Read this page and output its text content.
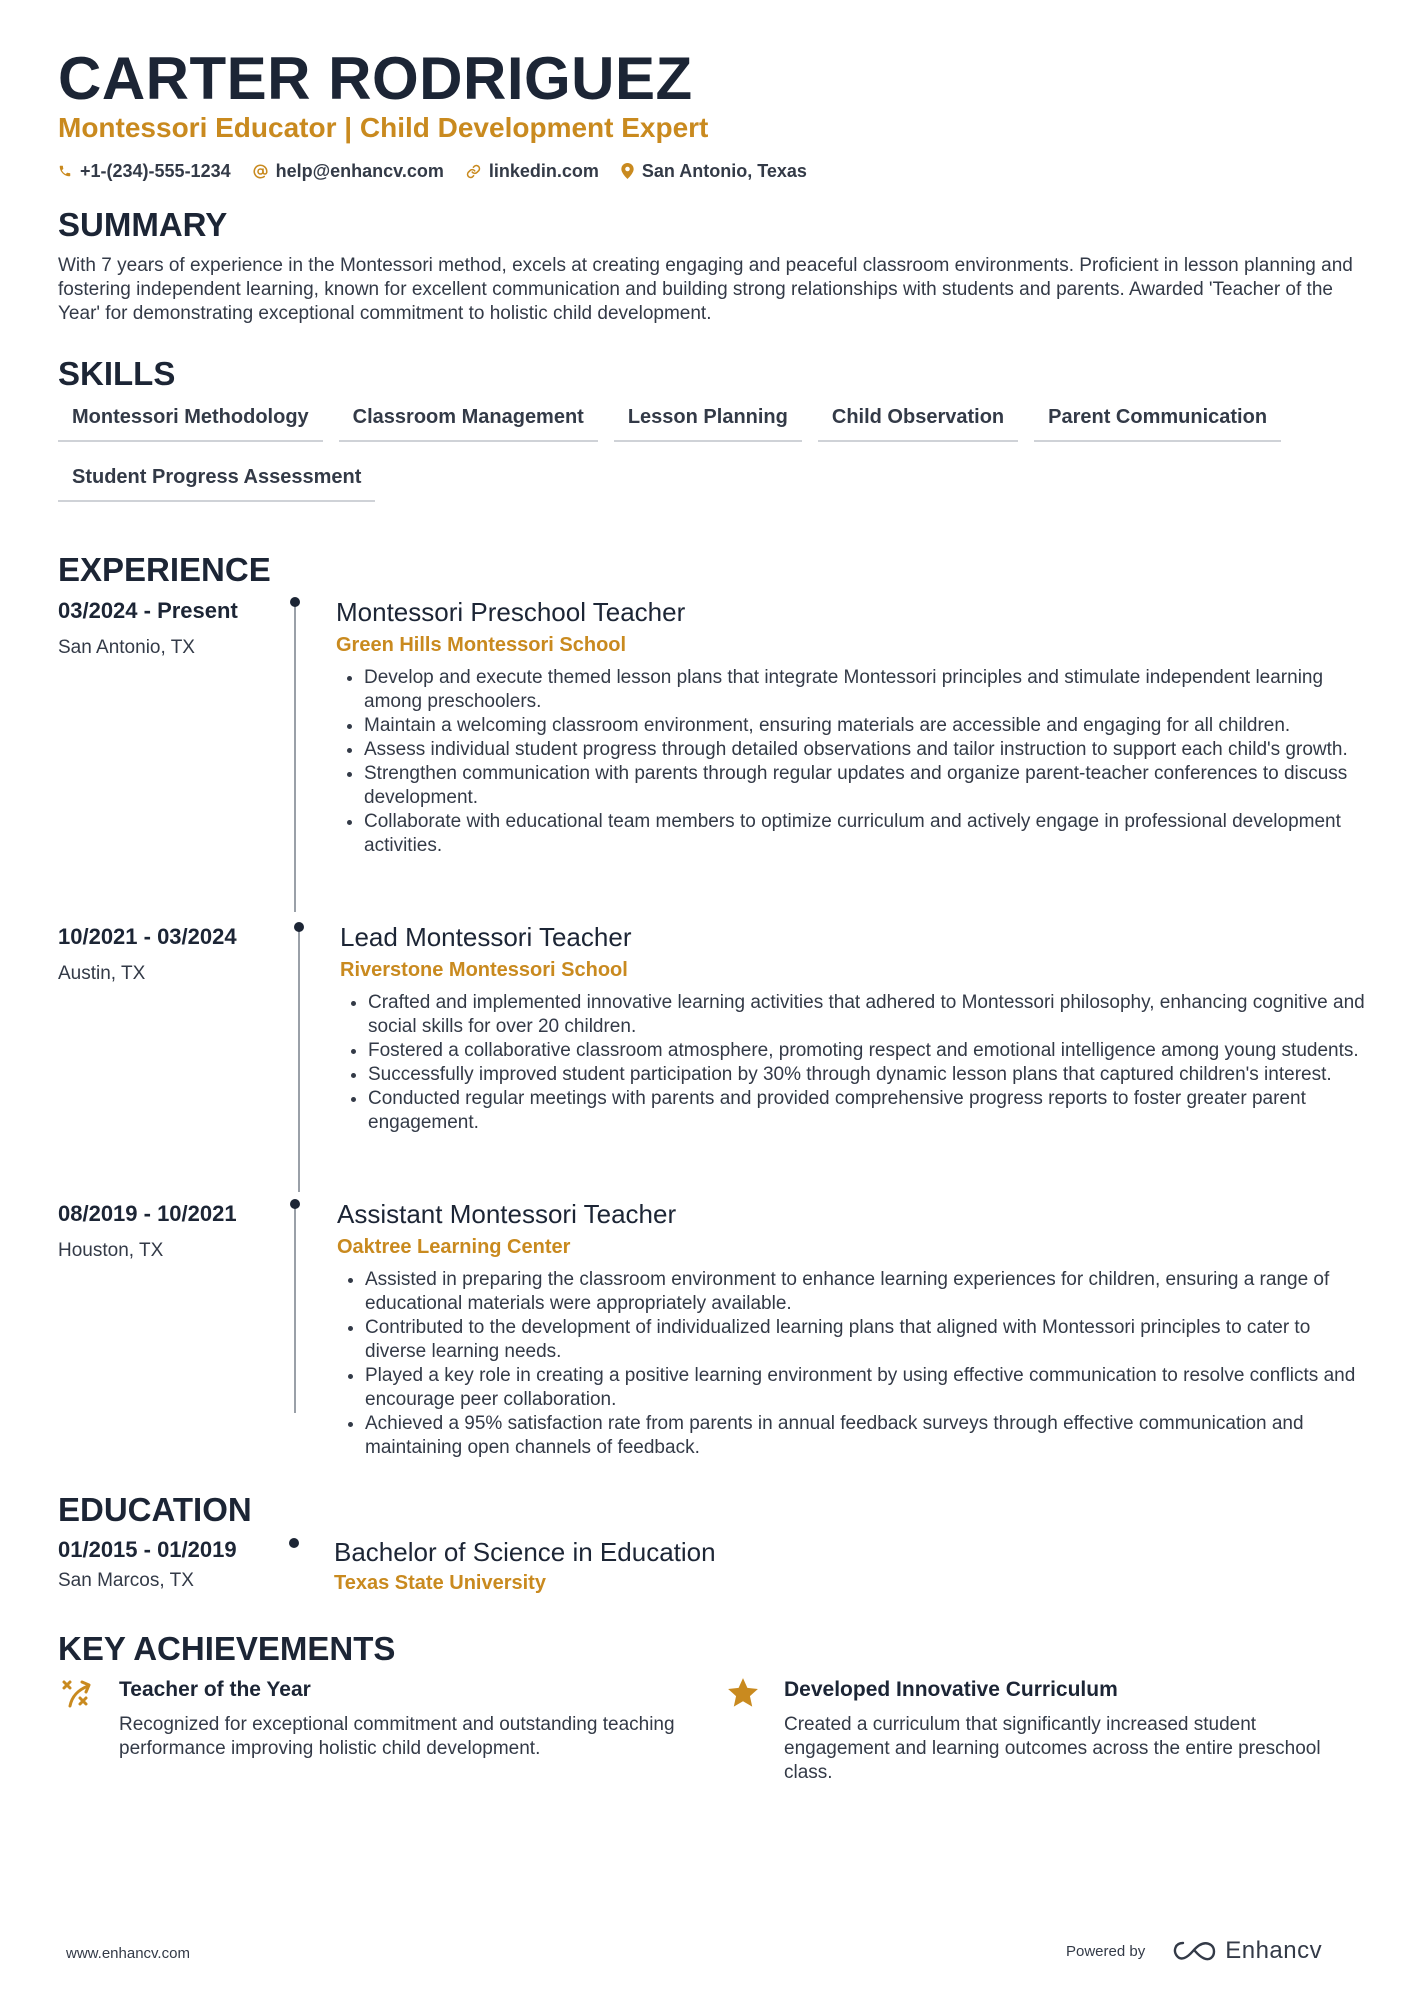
CARTER RODRIGUEZ
Montessori Educator | Child Development Expert
+1-(234)-555-1234	help@enhancv.com	linkedin.com San Antonio, Texas
SUMMARY
With 7 years of experience in the Montessori method, excels at creating engaging and peaceful classroom environments. Proficient in lesson planning and fostering independent learning, known for excellent communication and building strong relationships with students and parents. Awarded 'Teacher of the Year' for demonstrating exceptional commitment to holistic child development.
SKILLS
Montessori Methodology	Classroom Management	Lesson Planning	Child Observation	Parent Communication
Student Progress Assessment
EXPERIENCE
03/2024 - Present
San Antonio, TX
Montessori Preschool Teacher
Green Hills Montessori School
Develop and execute themed lesson plans that integrate Montessori principles and stimulate independent learning among preschoolers.
Maintain a welcoming classroom environment, ensuring materials are accessible and engaging for all children.
Assess individual student progress through detailed observations and tailor instruction to support each child's growth.
Strengthen communication with parents through regular updates and organize parent-teacher conferences to discuss development.
Collaborate with educational team members to optimize curriculum and actively engage in professional development activities.
10/2021 - 03/2024
Austin, TX
Lead Montessori Teacher
Riverstone Montessori School
Crafted and implemented innovative learning activities that adhered to Montessori philosophy, enhancing cognitive and social skills for over 20 children.
Fostered a collaborative classroom atmosphere, promoting respect and emotional intelligence among young students.
Successfully improved student participation by 30% through dynamic lesson plans that captured children's interest.
Conducted regular meetings with parents and provided comprehensive progress reports to foster greater parent engagement.
08/2019 - 10/2021
Houston, TX
Assistant Montessori Teacher
Oaktree Learning Center
Assisted in preparing the classroom environment to enhance learning experiences for children, ensuring a range of educational materials were appropriately available.
Contributed to the development of individualized learning plans that aligned with Montessori principles to cater to diverse learning needs.
Played a key role in creating a positive learning environment by using effective communication to resolve conflicts and encourage peer collaboration.
Achieved a 95% satisfaction rate from parents in annual feedback surveys through effective communication and maintaining open channels of feedback.
EDUCATION
01/2015 - 01/2019
San Marcos, TX
Bachelor of Science in Education
Texas State University
KEY ACHIEVEMENTS
Teacher of the Year
Recognized for exceptional commitment and outstanding teaching performance improving holistic child development.
Developed Innovative Curriculum
Created a curriculum that significantly increased student engagement and learning outcomes across the entire preschool class.
www.enhancv.com	Powered by	Enhancv
